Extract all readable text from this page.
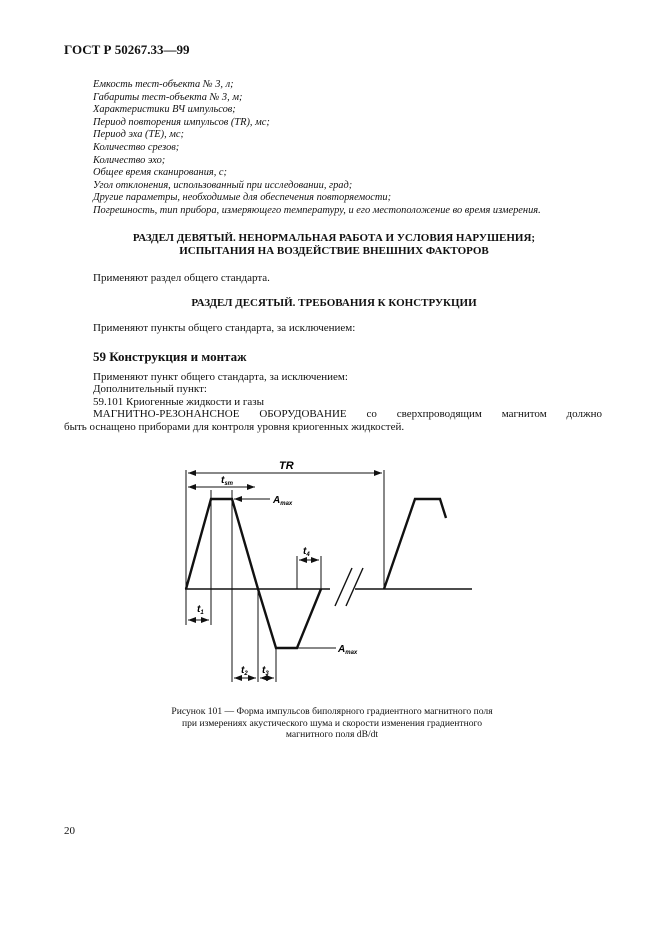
ГОСТ Р 50267.33—99
Емкость тест-объекта № 3, л;
Габариты тест-объекта № 3, м;
Характеристики ВЧ импульсов;
Период повторения импульсов (TR), мс;
Период эха (TE), мс;
Количество срезов;
Количество эхо;
Общее время сканирования, с;
Угол отклонения, использованный при исследовании, град;
Другие параметры, необходимые для обеспечения повторяемости;
Погрешность, тип прибора, измеряющего температуру, и его местоположение во время измерения.
РАЗДЕЛ ДЕВЯТЫЙ. НЕНОРМАЛЬНАЯ РАБОТА И УСЛОВИЯ НАРУШЕНИЯ;
ИСПЫТАНИЯ НА ВОЗДЕЙСТВИЕ ВНЕШНИХ ФАКТОРОВ
Применяют раздел общего стандарта.
РАЗДЕЛ ДЕСЯТЫЙ. ТРЕБОВАНИЯ К КОНСТРУКЦИИ
Применяют пункты общего стандарта, за исключением:
59 Конструкция и монтаж
Применяют пункт общего стандарта, за исключением:
Дополнительный пункт:
59.101 Криогенные жидкости и газы
МАГНИТНО-РЕЗОНАНСНОЕ ОБОРУДОВАНИЕ со сверхпроводящим магнитом должно
быть оснащено приборами для контроля уровня криогенных жидкостей.
TR
$t_{sm}$
$A_{max}$
$A_{max}$
$t_1$
$t_2$ $t_3$
$t_4$
Рисунок 101 — Форма импульсов биполярного градиентного магнитного поля
при измерениях акустического шума и скорости изменения градиентного
магнитного поля dB/dt
20
